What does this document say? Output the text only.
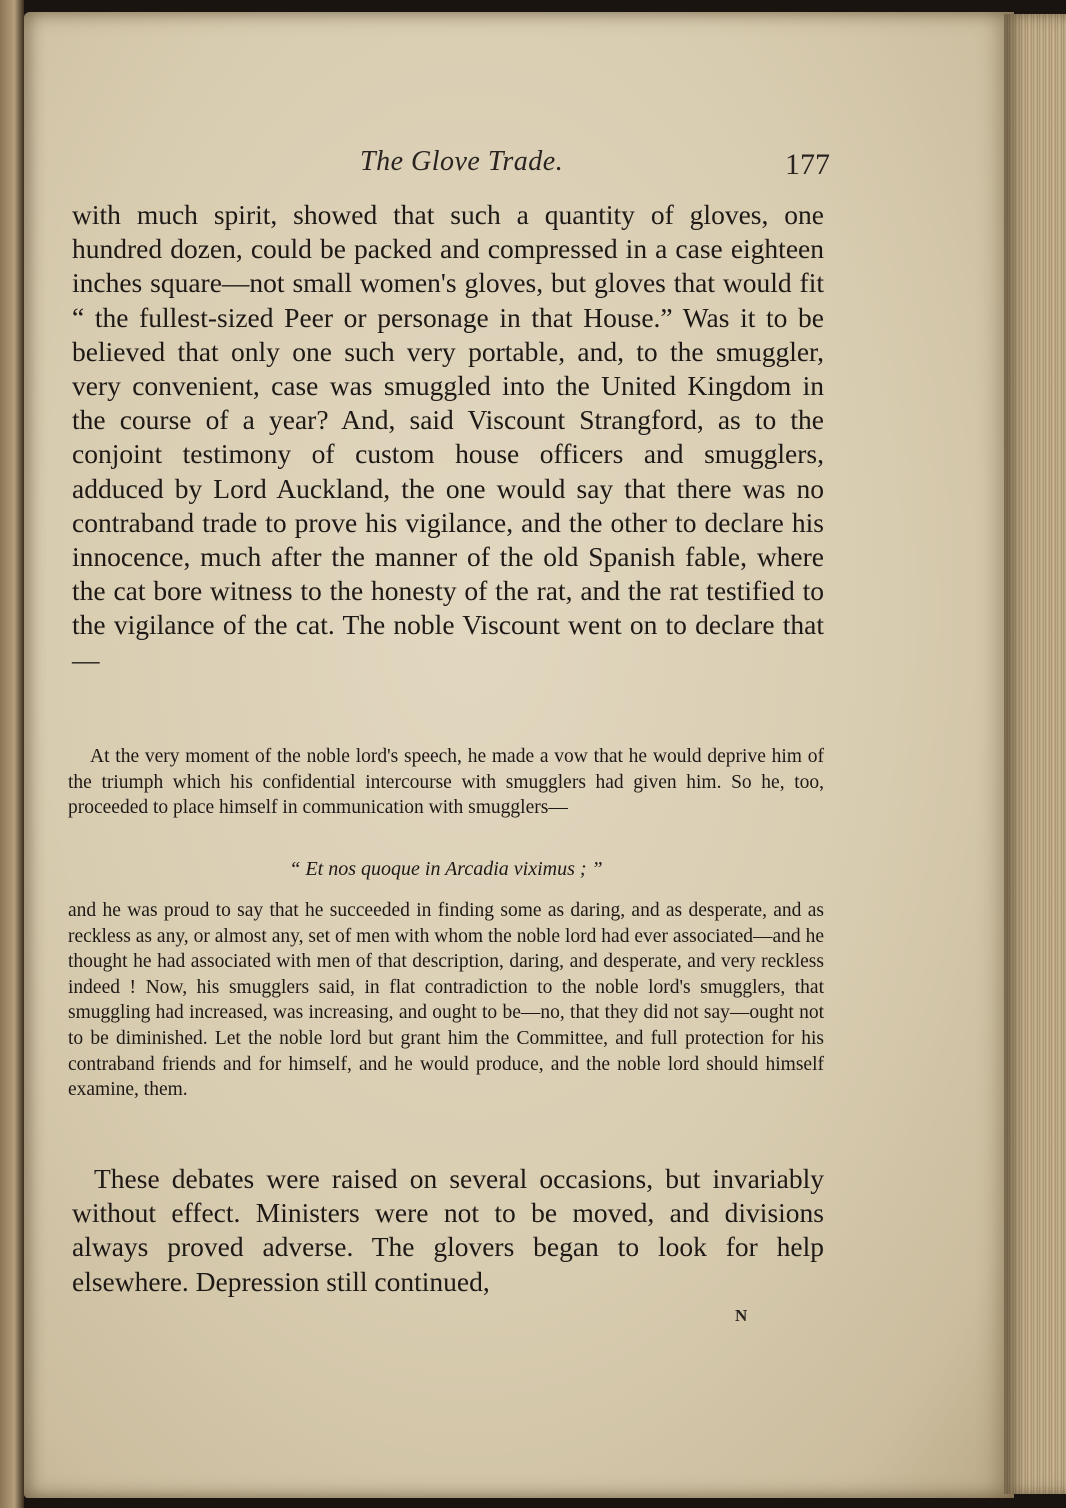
The Glove Trade.	177

with much spirit, showed that such a quantity of gloves, one hundred dozen, could be packed and compressed in a case eighteen inches square—not small women's gloves, but gloves that would fit “ the fullest-sized Peer or personage in that House.” Was it to be believed that only one such very portable, and, to the smuggler, very convenient, case was smuggled into the United Kingdom in the course of a year? And, said Viscount Strangford, as to the conjoint testimony of custom house officers and smugglers, adduced by Lord Auckland, the one would say that there was no contraband trade to prove his vigilance, and the other to declare his innocence, much after the manner of the old Spanish fable, where the cat bore witness to the honesty of the rat, and the rat testified to the vigilance of the cat. The noble Viscount went on to declare that—

At the very moment of the noble lord's speech, he made a vow that he would deprive him of the triumph which his confidential intercourse with smugglers had given him. So he, too, proceeded to place himself in communication with smugglers—

“ Et nos quoque in Arcadia viximus ; ”

and he was proud to say that he succeeded in finding some as daring, and as desperate, and as reckless as any, or almost any, set of men with whom the noble lord had ever associated—and he thought he had associated with men of that description, daring, and desperate, and very reckless indeed ! Now, his smugglers said, in flat contradiction to the noble lord's smugglers, that smuggling had increased, was increasing, and ought to be—no, that they did not say—ought not to be diminished. Let the noble lord but grant him the Committee, and full protection for his contraband friends and for himself, and he would produce, and the noble lord should himself examine, them.

These debates were raised on several occasions, but invariably without effect. Ministers were not to be moved, and divisions always proved adverse. The glovers began to look for help elsewhere. Depression still continued,

N
